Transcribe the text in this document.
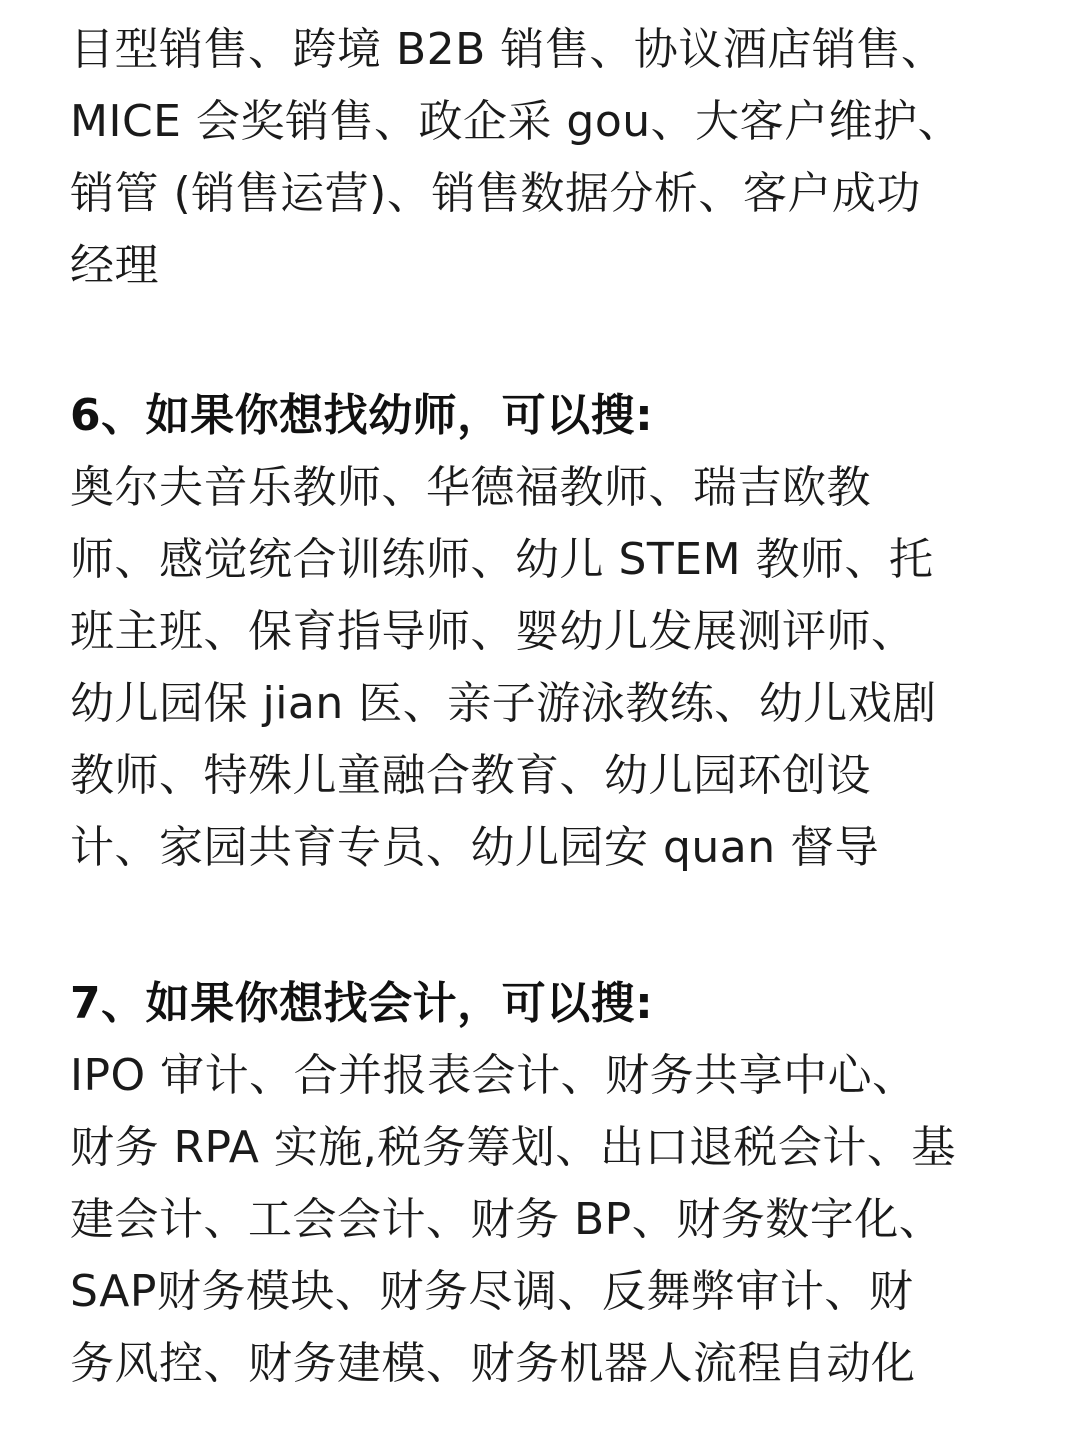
目型销售、跨境 B2B 销售、协议酒店销售、
MICE 会奖销售、政企采 gou、大客户维护、
销管 (销售运营)、销售数据分析、客户成功
经理
6、如果你想找幼师，可以搜:
奥尔夫音乐教师、华德福教师、瑞吉欧教
师、感觉统合训练师、幼儿 STEM 教师、托
班主班、保育指导师、婴幼儿发展测评师、
幼儿园保 jian 医、亲子游泳教练、幼儿戏剧
教师、特殊儿童融合教育、幼儿园环创设
计、家园共育专员、幼儿园安 quan 督导
7、如果你想找会计，可以搜:
IPO 审计、合并报表会计、财务共享中心、
财务 RPA 实施,税务筹划、出口退税会计、基
建会计、工会会计、财务 BP、财务数字化、
SAP财务模块、财务尽调、反舞弊审计、财
务风控、财务建模、财务机器人流程自动化
